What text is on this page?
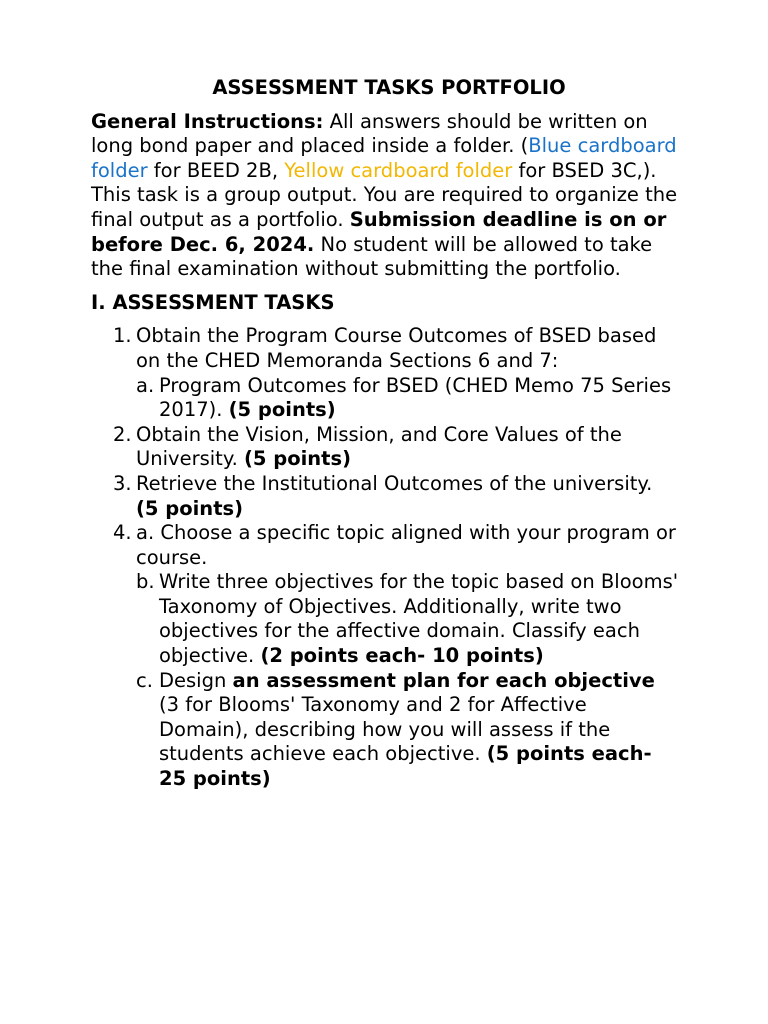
ASSESSMENT TASKS PORTFOLIO
General Instructions: All answers should be written on long bond paper and placed inside a folder. (Blue cardboard folder for BEED 2B, Yellow cardboard folder for BSED 3C,). This task is a group output. You are required to organize the final output as a portfolio. Submission deadline is on or before Dec. 6, 2024. No student will be allowed to take the final examination without submitting the portfolio.
I. ASSESSMENT TASKS
1. Obtain the Program Course Outcomes of BSED based on the CHED Memoranda Sections 6 and 7:
a. Program Outcomes for BSED (CHED Memo 75 Series 2017). (5 points)
2. Obtain the Vision, Mission, and Core Values of the University. (5 points)
3. Retrieve the Institutional Outcomes of the university. (5 points)
4. a. Choose a specific topic aligned with your program or course.
b. Write three objectives for the topic based on Blooms' Taxonomy of Objectives. Additionally, write two objectives for the affective domain. Classify each objective. (2 points each- 10 points)
c. Design an assessment plan for each objective (3 for Blooms' Taxonomy and 2 for Affective Domain), describing how you will assess if the students achieve each objective. (5 points each- 25 points)
